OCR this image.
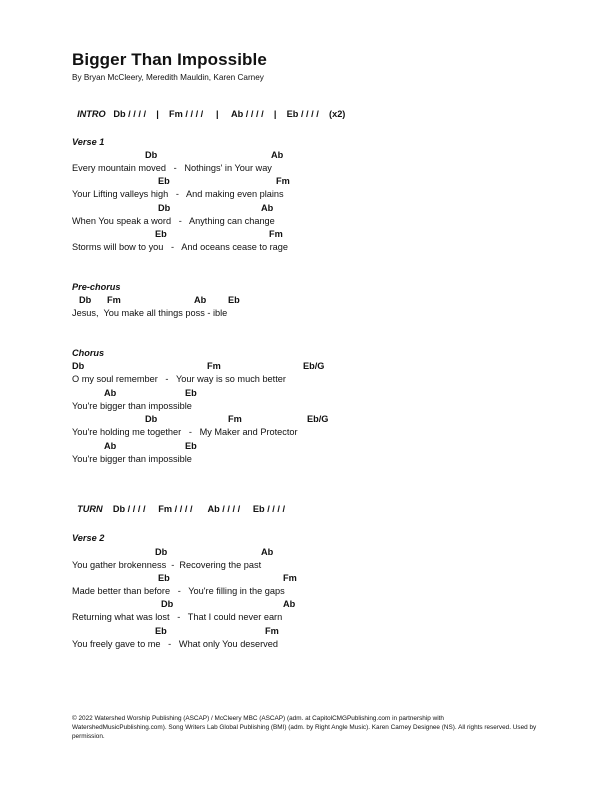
Bigger Than Impossible
By Bryan McCleery, Meredith Mauldin, Karen Carney

INTRO Db / / / /    |    Fm / / / /     |     Ab / / / /    |    Eb / / / /    (x2)

Verse 1
Db	Ab
Every mountain moved   -   Nothings' in Your way
Eb	Fm
Your Lifting valleys high   -   And making even plains
Db	Ab
When You speak a word   -   Anything can change
Eb	Fm
Storms will bow to you   -   And oceans cease to rage
Pre-chorus
Db Fm	Ab Eb
Jesus,  You make all things poss - ible
Chorus
Db	Fm	Eb/G
O my soul remember   -   Your way is so much better
Ab	Eb
You're bigger than impossible
Db	Fm	Eb/G
You're holding me together   -   My Maker and Protector
Ab	Eb
You're bigger than impossible

TURN Db / / / /     Fm / / / /      Ab / / / /     Eb / / / /

Verse 2
Db	Ab
You gather brokenness  -  Recovering the past
Eb	Fm
Made better than before   -   You're filling in the gaps
Db	Ab
Returning what was lost   -   That I could never earn
Eb	Fm
You freely gave to me   -   What only You deserved
© 2022 Watershed Worship Publishing (ASCAP) / McCleery MBC (ASCAP) (adm. at CapitolCMGPublishing.com in partnership with WatershedMusicPublishing.com). Song Writers Lab Global Publishing (BMI) (adm. by Right Angle Music). Karen Carney Designee (NS). All rights reserved. Used by permission.
